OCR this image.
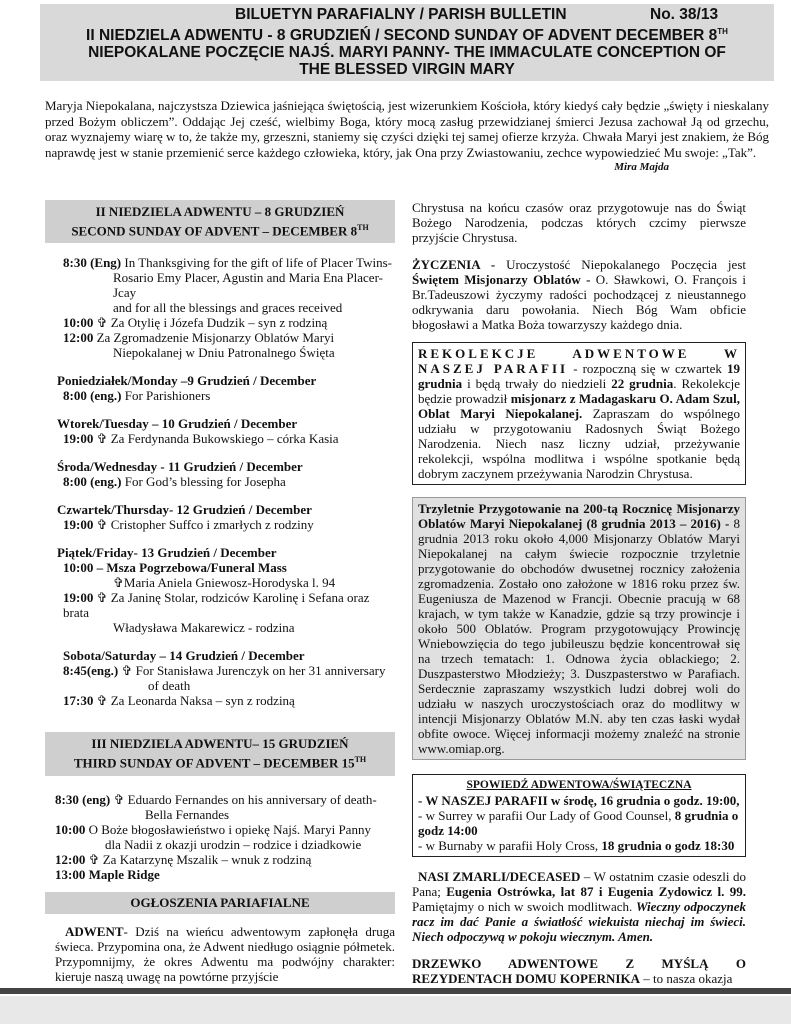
BILUETYN PARAFIALNY / PARISH BULLETIN	No. 38/13
II NIEDZIELA ADWENTU - 8 GRUDZIEŃ / SECOND SUNDAY OF ADVENT DECEMBER 8TH
NIEPOKALANE POCZĘCIE NAJŚ. MARYI PANNY- THE IMMACULATE CONCEPTION OF
THE BLESSED VIRGIN MARY
Maryja Niepokalana, najczystsza Dziewica jaśniejąca świętością, jest wizerunkiem Kościoła, który kiedyś cały będzie „święty i nieskalany przed Bożym obliczem”. Oddając Jej cześć, wielbimy Boga, który mocą zasług przewidzianej śmierci Jezusa zachował Ją od grzechu, oraz wyznajemy wiarę w to, że także my, grzeszni, staniemy się czyści dzięki tej samej ofierze krzyża. Chwała Maryi jest znakiem, że Bóg naprawdę jest w stanie przemienić serce każdego człowieka, który, jak Ona przy Zwiastowaniu, zechce wypowiedzieć Mu swoje: „Tak”.
Mira Majda
II NIEDZIELA ADWENTU – 8 GRUDZIEŃ
SECOND SUNDAY OF ADVENT – DECEMBER 8TH

8:30 (Eng) In Thanksgiving for the gift of life of Placer Twins-

Rosario Emy Placer, Agustin and Maria Ena Placer- Jcay

and for all the blessings and graces received

10:00 ✞ Za Otylię i Józefa Dudzik – syn z rodziną

12:00 Za Zgromadzenie Misjonarzy Oblatów Maryi

Niepokalanej w Dniu Patronalnego Święta

Poniedziałek/Monday –9 Grudzień / December

8:00 (eng.) For Parishioners

Wtorek/Tuesday – 10 Grudzień / December

19:00 ✞ Za Ferdynanda Bukowskiego – córka Kasia

Środa/Wednesday - 11 Grudzień / December

8:00 (eng.) For God’s blessing for Josepha

Czwartek/Thursday- 12 Grudzień / December

19:00 ✞ Cristopher Suffco i zmarłych z rodziny

Piątek/Friday- 13 Grudzień / December

10:00 – Msza Pogrzebowa/Funeral Mass

✞Maria Aniela Gniewosz-Horodyska l. 94

19:00 ✞ Za Janinę Stolar, rodziców Karolinę i Sefana oraz brata

Władysława Makarewicz - rodzina

Sobota/Saturday – 14 Grudzień / December

8:45(eng.) ✞ For Stanisława Jurenczyk on her 31 anniversary

of death

17:30 ✞ Za Leonarda Naksa – syn z rodziną

III NIEDZIELA ADWENTU– 15 GRUDZIEŃ
THIRD SUNDAY OF ADVENT – DECEMBER 15TH

8:30 (eng) ✞ Eduardo Fernandes on his anniversary of death-

Bella Fernandes

10:00 O Boże błogosławieństwo i opiekę Najś. Maryi Panny

dla Nadii z okazji urodzin – rodzice i dziadkowie

12:00 ✞ Za Katarzynę Mszalik – wnuk z rodziną

13:00 Maple Ridge

OGŁOSZENIA PARIAFIALNE

ADWENT- Dziś na wieńcu adwentowym zapłonęła druga świeca. Przypomina ona, że Adwent niedługo osiągnie półmetek. Przypomnijmy, że okres Adwentu ma podwójny charakter: kieruje naszą uwagę na powtórne przyjście

Chrystusa na końcu czasów oraz przygotowuje nas do Świąt Bożego Narodzenia, podczas których czcimy pierwsze przyjście Chrystusa.

ŻYCZENIA - Uroczystość Niepokalanego Poczęcia jest Świętem Misjonarzy Oblatów - O. Sławkowi, O. François i Br.Tadeuszowi życzymy radości pochodzącej z nieustannego odkrywania daru powołania. Niech Bóg Wam obficie błogosławi a Matka Boża towarzyszy każdego dnia.

REKOLEKCJE ADWENTOWE W NASZEJ PARAFII - rozpoczną się w czwartek 19 grudnia i będą trwały do niedzieli 22 grudnia. Rekolekcje będzie prowadził misjonarz z Madagaskaru O. Adam Szul, Oblat Maryi Niepokalanej. Zapraszam do wspólnego udziału w przygotowaniu Radosnych Świąt Bożego Narodzenia. Niech nasz liczny udział, przeżywanie rekolekcji, wspólna modlitwa i wspólne spotkanie będą dobrym zaczynem przeżywania Narodzin Chrystusa.
Trzyletnie Przygotowanie na 200-tą Rocznicę Misjonarzy Oblatów Maryi Niepokalanej (8 grudnia 2013 – 2016) - 8 grudnia 2013 roku około 4,000 Misjonarzy Oblatów Maryi Niepokalanej na całym świecie rozpocznie trzyletnie przygotowanie do obchodów dwusetnej rocznicy założenia zgromadzenia. Zostało ono założone w 1816 roku przez św. Eugeniusza de Mazenod w Francji. Obecnie pracują w 68 krajach, w tym także w Kanadzie, gdzie są trzy prowincje i około 500 Oblatów. Program przygotowujący Prowincję Wniebowzięcia do tego jubileuszu będzie koncentrował się na trzech tematach: 1. Odnowa życia oblackiego; 2. Duszpasterstwo Młodzieży; 3. Duszpasterstwo w Parafiach. Serdecznie zapraszamy wszystkich ludzi dobrej woli do udziału w naszych uroczystościach oraz do modlitwy w intencji Misjonarzy Oblatów M.N. aby ten czas łaski wydał obfite owoce. Więcej informacji możemy znaleźć na stronie www.omiap.org.
SPOWIEDŹ ADWENTOWA/ŚWIĄTECZNA
- W NASZEJ PARAFII w środę, 16 grudnia o godz. 19:00,
- w Surrey w parafii Our Lady of Good Counsel, 8 grudnia o godz 14:00
- w Burnaby w parafii Holy Cross, 18 grudnia o godz 18:30

NASI ZMARLI/DECEASED – W ostatnim czasie odeszli do Pana; Eugenia Ostrówka, lat 87 i Eugenia Zydowicz l. 99. Pamiętajmy o nich w swoich modlitwach. Wieczny odpoczynek racz im dać Panie a światłość wiekuista niechaj im świeci. Niech odpoczywą w pokoju wiecznym. Amen.

DRZEWKO ADWENTOWE Z MYŚLĄ O REZYDENTACH DOMU KOPERNIKA – to nasza okazja
